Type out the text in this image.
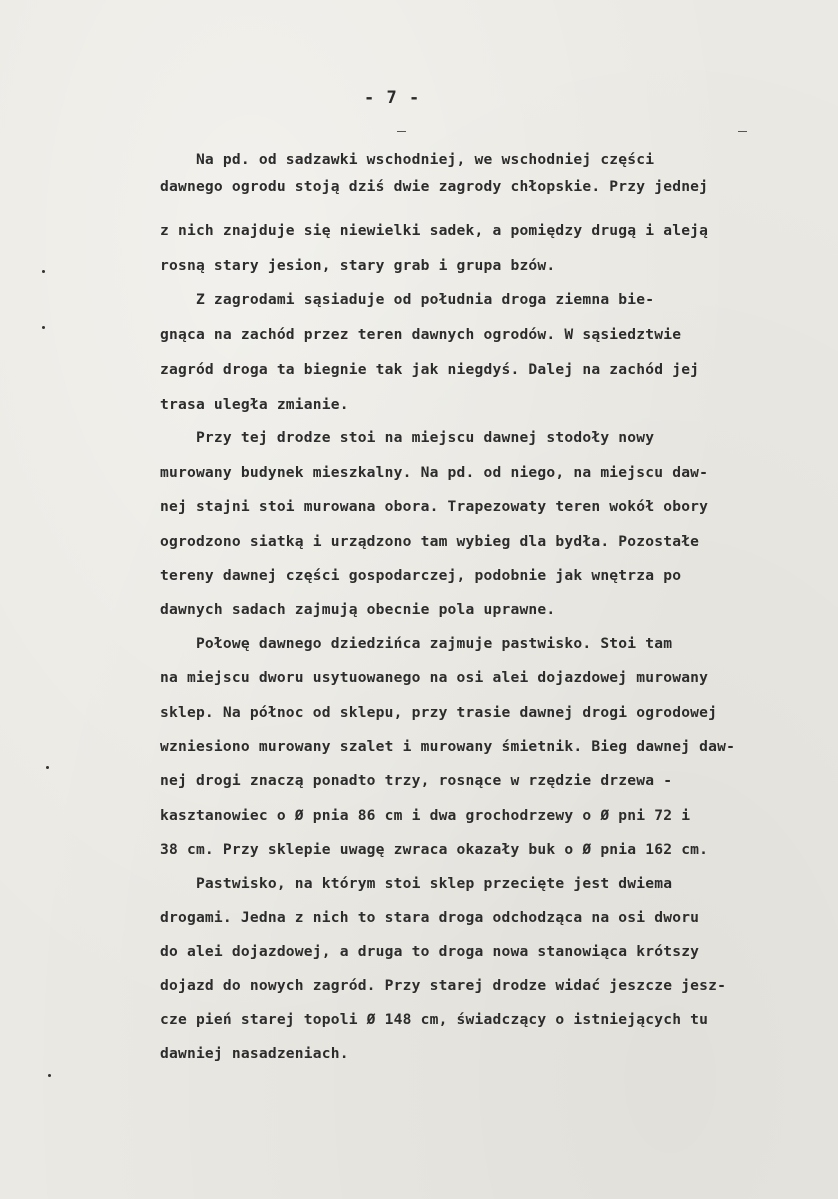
- 7 -
Na pd. od sadzawki wschodniej, we wschodniej części
dawnego ogrodu stoją dziś dwie zagrody chłopskie. Przy jednej
z nich znajduje się niewielki sadek, a pomiędzy drugą i aleją
rosną stary jesion, stary grab i grupa bzów.
Z zagrodami sąsiaduje od południa droga ziemna bie-
gnąca na zachód przez teren dawnych ogrodów. W sąsiedztwie
zagród droga ta biegnie tak jak niegdyś. Dalej na zachód jej
trasa uległa zmianie.
Przy tej drodze stoi na miejscu dawnej stodoły nowy
murowany budynek mieszkalny. Na pd. od niego, na miejscu daw-
nej stajni stoi murowana obora. Trapezowaty teren wokół obory
ogrodzono siatką i urządzono tam wybieg dla bydła. Pozostałe
tereny dawnej części gospodarczej, podobnie jak wnętrza po
dawnych sadach zajmują obecnie pola uprawne.
Połowę dawnego dziedzińca zajmuje pastwisko. Stoi tam
na miejscu dworu usytuowanego na osi alei dojazdowej murowany
sklep. Na północ od sklepu, przy trasie dawnej drogi ogrodowej
wzniesiono murowany szalet i murowany śmietnik. Bieg dawnej daw-
nej drogi znaczą ponadto trzy, rosnące w rzędzie drzewa -
kasztanowiec o Ø pnia 86 cm i dwa grochodrzewy o Ø pni 72 i
38 cm. Przy sklepie uwagę zwraca okazały buk o Ø pnia 162 cm.
Pastwisko, na którym stoi sklep przecięte jest dwiema
drogami. Jedna z nich to stara droga odchodząca na osi dworu
do alei dojazdowej, a druga to droga nowa stanowiąca krótszy
dojazd do nowych zagród. Przy starej drodze widać jeszcze jesz-
cze pień starej topoli Ø 148 cm, świadczący o istniejących tu
dawniej nasadzeniach.
